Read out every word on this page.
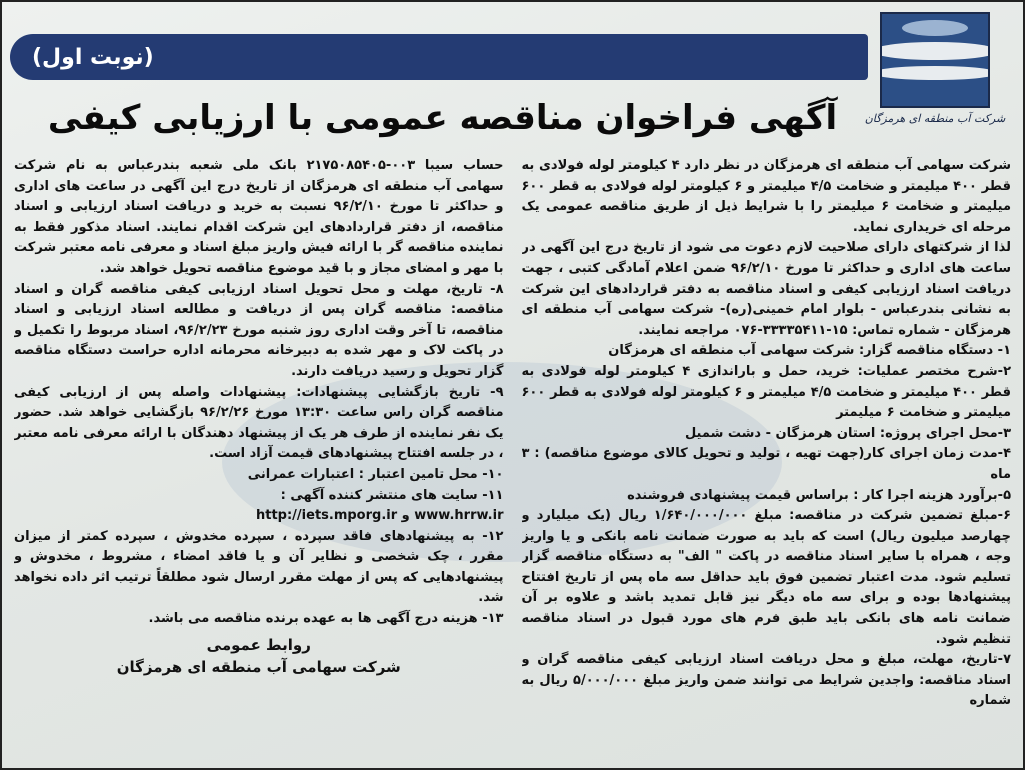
شرکت آب منطقه ای هرمزگان
(نوبت اول)
آگهی فراخوان مناقصه عمومی با ارزیابی کیفی

شرکت سهامی آب منطقه ای هرمزگان در نظر دارد ۴ کیلومتر لوله فولادی به قطر ۴۰۰ میلیمتر و ضخامت ۴/۵ میلیمتر و ۶ کیلومتر لوله فولادی به قطر ۶۰۰ میلیمتر و ضخامت ۶ میلیمتر را با شرایط ذیل از طریق مناقصه عمومی یک مرحله ای خریداری نماید.

لذا از شرکتهای دارای صلاحیت لازم دعوت می شود از تاریخ درج این آگهی در ساعت های اداری و حداکثر تا مورخ ۹۶/۲/۱۰ ضمن اعلام آمادگی کتبی ، جهت دریافت اسناد ارزیابی کیفی و اسناد مناقصه به دفتر قراردادهای این شرکت به نشانی بندرعباس - بلوار امام خمینی(ره)- شرکت سهامی آب منطقه ای هرمزگان - شماره تماس: ۱۵-۳۳۳۳۵۴۱۱-۰۷۶ مراجعه نمایند.

۱- دستگاه مناقصه گزار: شرکت سهامی آب منطقه ای هرمزگان

۲-شرح مختصر عملیات: خرید، حمل و باراندازی ۴ کیلومتر لوله فولادی به قطر ۴۰۰ میلیمتر و ضخامت ۴/۵ میلیمتر و ۶ کیلومتر لوله فولادی به قطر ۶۰۰ میلیمتر و ضخامت ۶ میلیمتر

۳-محل اجرای پروژه: استان هرمزگان - دشت شمیل

۴-مدت زمان اجرای کار(جهت تهیه ، تولید و تحویل کالای موضوع مناقصه) : ۳ ماه

۵-برآورد هزینه اجرا کار : براساس قیمت پیشنهادی فروشنده

۶-مبلغ تضمین شرکت در مناقصه: مبلغ ۱/۶۴۰/۰۰۰/۰۰۰ ریال (یک میلیارد و چهارصد میلیون ریال) است که باید به صورت ضمانت نامه بانکی و یا واریز وجه ، همراه با سایر اسناد مناقصه در پاکت " الف" به دستگاه مناقصه گزار تسلیم شود. مدت اعتبار تضمین فوق باید حداقل سه ماه پس از تاریخ افتتاح پیشنهادها بوده و برای سه ماه دیگر نیز قابل تمدید باشد و علاوه بر آن ضمانت نامه های بانکی باید طبق فرم های مورد قبول در اسناد مناقصه تنظیم شود.

۷-تاریخ، مهلت، مبلغ و محل دریافت اسناد ارزیابی کیفی مناقصه گران و اسناد مناقصه: واجدین شرایط می توانند ضمن واریز مبلغ ۵/۰۰۰/۰۰۰ ریال به شماره

حساب سیبا ۰۰۳-۲۱۷۵۰۸۵۴۰۵ بانک ملی شعبه بندرعباس به نام شرکت سهامی آب منطقه ای هرمزگان از تاریخ درج این آگهی در ساعت های اداری و حداکثر تا مورخ ۹۶/۲/۱۰ نسبت به خرید و دریافت اسناد ارزیابی و اسناد مناقصه، از دفتر قراردادهای این شرکت اقدام نمایند. اسناد مذکور فقط به نماینده مناقصه گر با ارائه فیش واریز مبلغ اسناد و معرفی نامه معتبر شرکت با مهر و امضای مجاز و با قید موضوع مناقصه تحویل خواهد شد.

۸- تاریخ، مهلت و محل تحویل اسناد ارزیابی کیفی مناقصه گران و اسناد مناقصه: مناقصه گران پس از دریافت و مطالعه اسناد ارزیابی و اسناد مناقصه، تا آخر وقت اداری روز شنبه مورخ ۹۶/۲/۲۳، اسناد مربوط را تکمیل و در پاکت لاک و مهر شده به دبیرخانه محرمانه اداره حراست دستگاه مناقصه گزار تحویل و رسید دریافت دارند.

۹- تاریخ بازگشایی پیشنهادات: پیشنهادات واصله پس از ارزیابی کیفی مناقصه گران راس ساعت ۱۳:۳۰ مورخ ۹۶/۲/۲۶ بازگشایی خواهد شد. حضور یک نفر نماینده از طرف هر یک از پیشنهاد دهندگان با ارائه معرفی نامه معتبر ، در جلسه افتتاح پیشنهادهای قیمت آزاد است.

۱۰- محل تامین اعتبار : اعتبارات عمرانی

۱۱- سایت های منتشر کننده آگهی :

http://iets.mporg.ir و www.hrrw.ir

۱۲- به پیشنهادهای فاقد سپرده ، سپرده مخدوش ، سپرده کمتر از میزان مقرر ، چک شخصی و نظایر آن و یا فاقد امضاء ، مشروط ، مخدوش و پیشنهادهایی که پس از مهلت مقرر ارسال شود مطلقاً ترتیب اثر داده نخواهد شد.

۱۳- هزینه درج آگهی ها به عهده برنده مناقصه می باشد.

روابط عمومی
شرکت سهامی آب منطقه ای هرمزگان
